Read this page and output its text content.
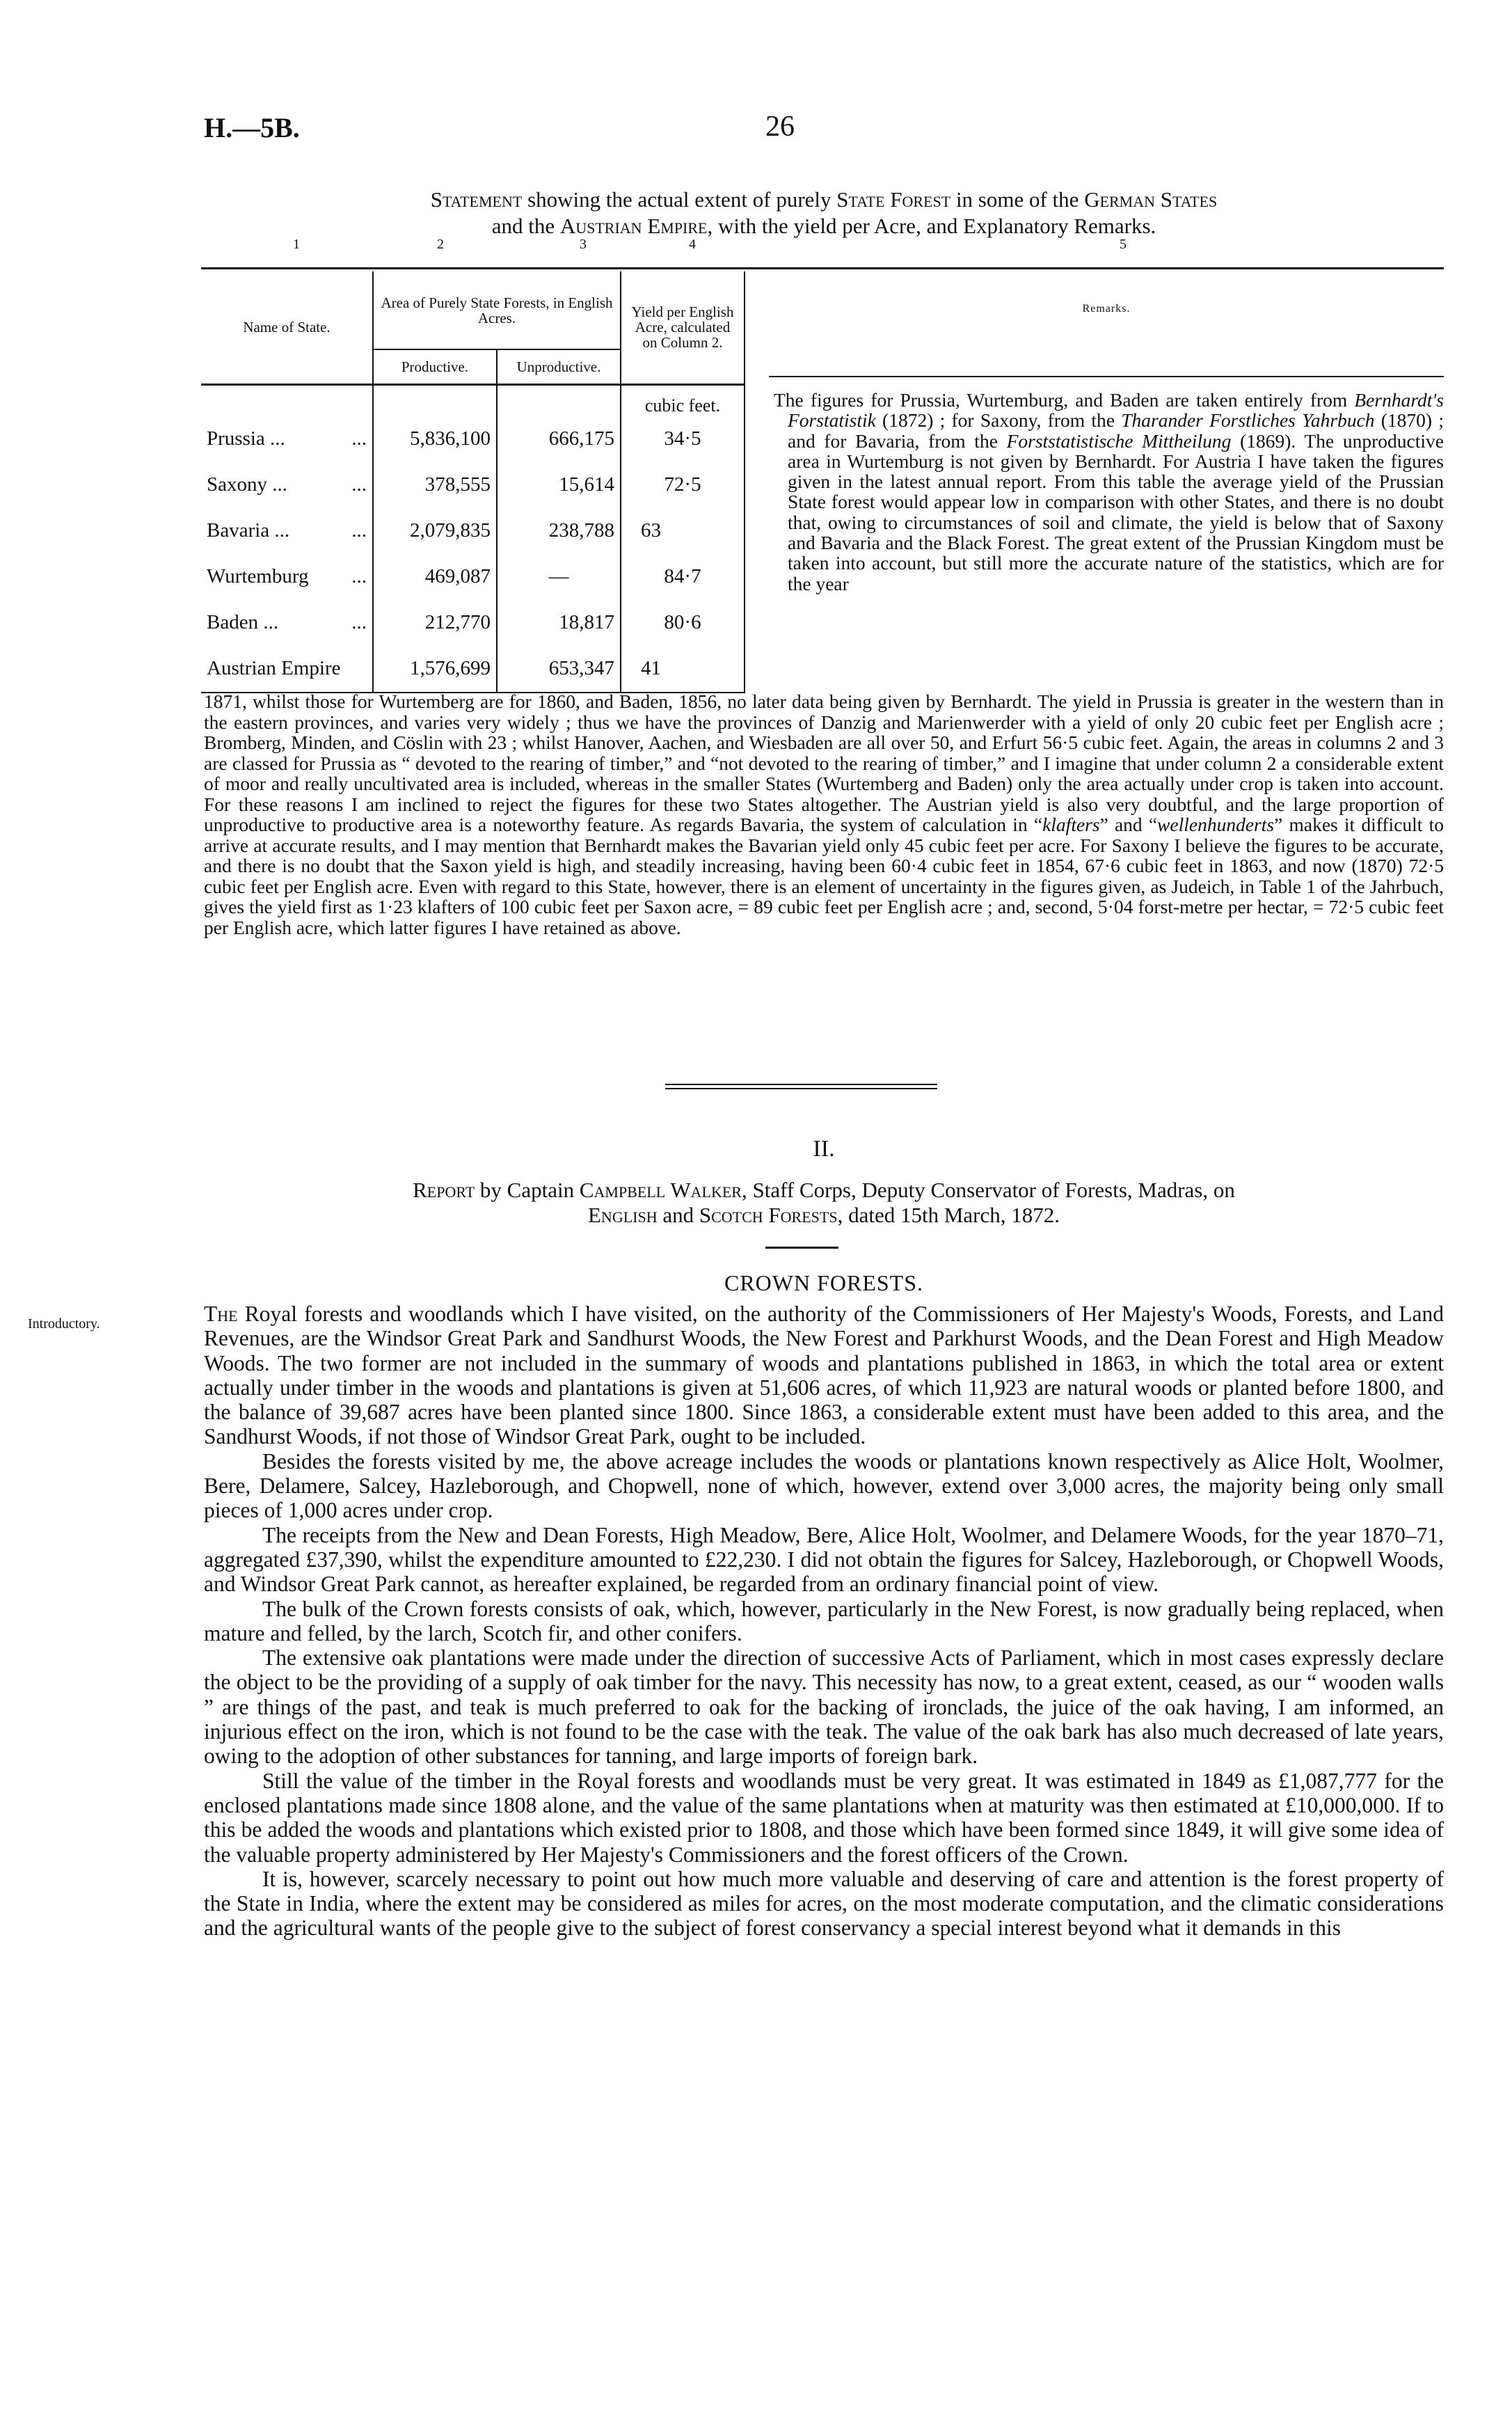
H.—5B.	26
Statement showing the actual extent of purely State Forest in some of the German States
and the Austrian Empire, with the yield per Acre, and Explanatory Remarks.
1	2	3	4	5
Name of State.	Area of Purely State Forests, in English Acres.		Yield per English Acre, calculated on Column 2.
	Productive.	Unproductive.	
			cubic feet.
Prussia ... ...	5,836,100	666,175	34·5
Saxony ... ...	378,555	15,614	72·5
Bavaria ... ...	2,079,835	238,788	63
Wurtemburg ...	469,087	—	84·7
Baden ... ...	212,770	18,817	80·6
Austrian Empire	1,576,699	653,347	41
Remarks.

The figures for Prussia, Wurtemburg, and Baden are taken entirely from Bernhardt's Forstatistik (1872) ; for Saxony, from the Tharander Forstliches Yahrbuch (1870) ; and for Bavaria, from the Forststatistische Mittheilung (1869). The unproductive area in Wurtemburg is not given by Bernhardt. For Austria I have taken the figures given in the latest annual report. From this table the average yield of the Prussian State forest would appear low in comparison with other States, and there is no doubt that, owing to circumstances of soil and climate, the yield is below that of Saxony and Bavaria and the Black Forest. The great extent of the Prussian Kingdom must be taken into account, but still more the accurate nature of the statistics, which are for the year

1871, whilst those for Wurtemberg are for 1860, and Baden, 1856, no later data being given by Bernhardt. The yield in Prussia is greater in the western than in the eastern provinces, and varies very widely ; thus we have the provinces of Danzig and Marienwerder with a yield of only 20 cubic feet per English acre ; Bromberg, Minden, and Cöslin with 23 ; whilst Hanover, Aachen, and Wiesbaden are all over 50, and Erfurt 56·5 cubic feet. Again, the areas in columns 2 and 3 are classed for Prussia as “ devoted to the rearing of timber,” and “not devoted to the rearing of timber,” and I imagine that under column 2 a considerable extent of moor and really uncultivated area is included, whereas in the smaller States (Wurtemberg and Baden) only the area actually under crop is taken into account. For these reasons I am inclined to reject the figures for these two States altogether. The Austrian yield is also very doubtful, and the large proportion of unproductive to productive area is a noteworthy feature. As regards Bavaria, the system of calculation in “klafters” and “wellenhunderts” makes it difficult to arrive at accurate results, and I may mention that Bernhardt makes the Bavarian yield only 45 cubic feet per acre. For Saxony I believe the figures to be accurate, and there is no doubt that the Saxon yield is high, and steadily increasing, having been 60·4 cubic feet in 1854, 67·6 cubic feet in 1863, and now (1870) 72·5 cubic feet per English acre. Even with regard to this State, however, there is an element of uncertainty in the figures given, as Judeich, in Table 1 of the Jahrbuch, gives the yield first as 1·23 klafters of 100 cubic feet per Saxon acre, = 89 cubic feet per English acre ; and, second, 5·04 forst-metre per hectar, = 72·5 cubic feet per English acre, which latter figures I have retained as above.
II.
Report by Captain Campbell Walker, Staff Corps, Deputy Conservator of Forests, Madras, on
English and Scotch Forests, dated 15th March, 1872.
CROWN FORESTS.
Introductory.	The Royal forests and woodlands which I have visited, on the authority of the Commissioners of Her Majesty's Woods, Forests, and Land Revenues, are the Windsor Great Park and Sandhurst Woods, the New Forest and Parkhurst Woods, and the Dean Forest and High Meadow Woods. The two former are not included in the summary of woods and plantations published in 1863, in which the total area or extent actually under timber in the woods and plantations is given at 51,606 acres, of which 11,923 are natural woods or planted before 1800, and the balance of 39,687 acres have been planted since 1800. Since 1863, a considerable extent must have been added to this area, and the Sandhurst Woods, if not those of Windsor Great Park, ought to be included.

Besides the forests visited by me, the above acreage includes the woods or plantations known respectively as Alice Holt, Woolmer, Bere, Delamere, Salcey, Hazleborough, and Chopwell, none of which, however, extend over 3,000 acres, the majority being only small pieces of 1,000 acres under crop.

The receipts from the New and Dean Forests, High Meadow, Bere, Alice Holt, Woolmer, and Delamere Woods, for the year 1870–71, aggregated £37,390, whilst the expenditure amounted to £22,230. I did not obtain the figures for Salcey, Hazleborough, or Chopwell Woods, and Windsor Great Park cannot, as hereafter explained, be regarded from an ordinary financial point of view.

The bulk of the Crown forests consists of oak, which, however, particularly in the New Forest, is now gradually being replaced, when mature and felled, by the larch, Scotch fir, and other conifers.

The extensive oak plantations were made under the direction of successive Acts of Parliament, which in most cases expressly declare the object to be the providing of a supply of oak timber for the navy. This necessity has now, to a great extent, ceased, as our “ wooden walls ” are things of the past, and teak is much preferred to oak for the backing of ironclads, the juice of the oak having, I am informed, an injurious effect on the iron, which is not found to be the case with the teak. The value of the oak bark has also much decreased of late years, owing to the adoption of other substances for tanning, and large imports of foreign bark.

Still the value of the timber in the Royal forests and woodlands must be very great. It was estimated in 1849 as £1,087,777 for the enclosed plantations made since 1808 alone, and the value of the same plantations when at maturity was then estimated at £10,000,000. If to this be added the woods and plantations which existed prior to 1808, and those which have been formed since 1849, it will give some idea of the valuable property administered by Her Majesty's Commissioners and the forest officers of the Crown.

It is, however, scarcely necessary to point out how much more valuable and deserving of care and attention is the forest property of the State in India, where the extent may be considered as miles for acres, on the most moderate computation, and the climatic considerations and the agricultural wants of the people give to the subject of forest conservancy a special interest beyond what it demands in this
